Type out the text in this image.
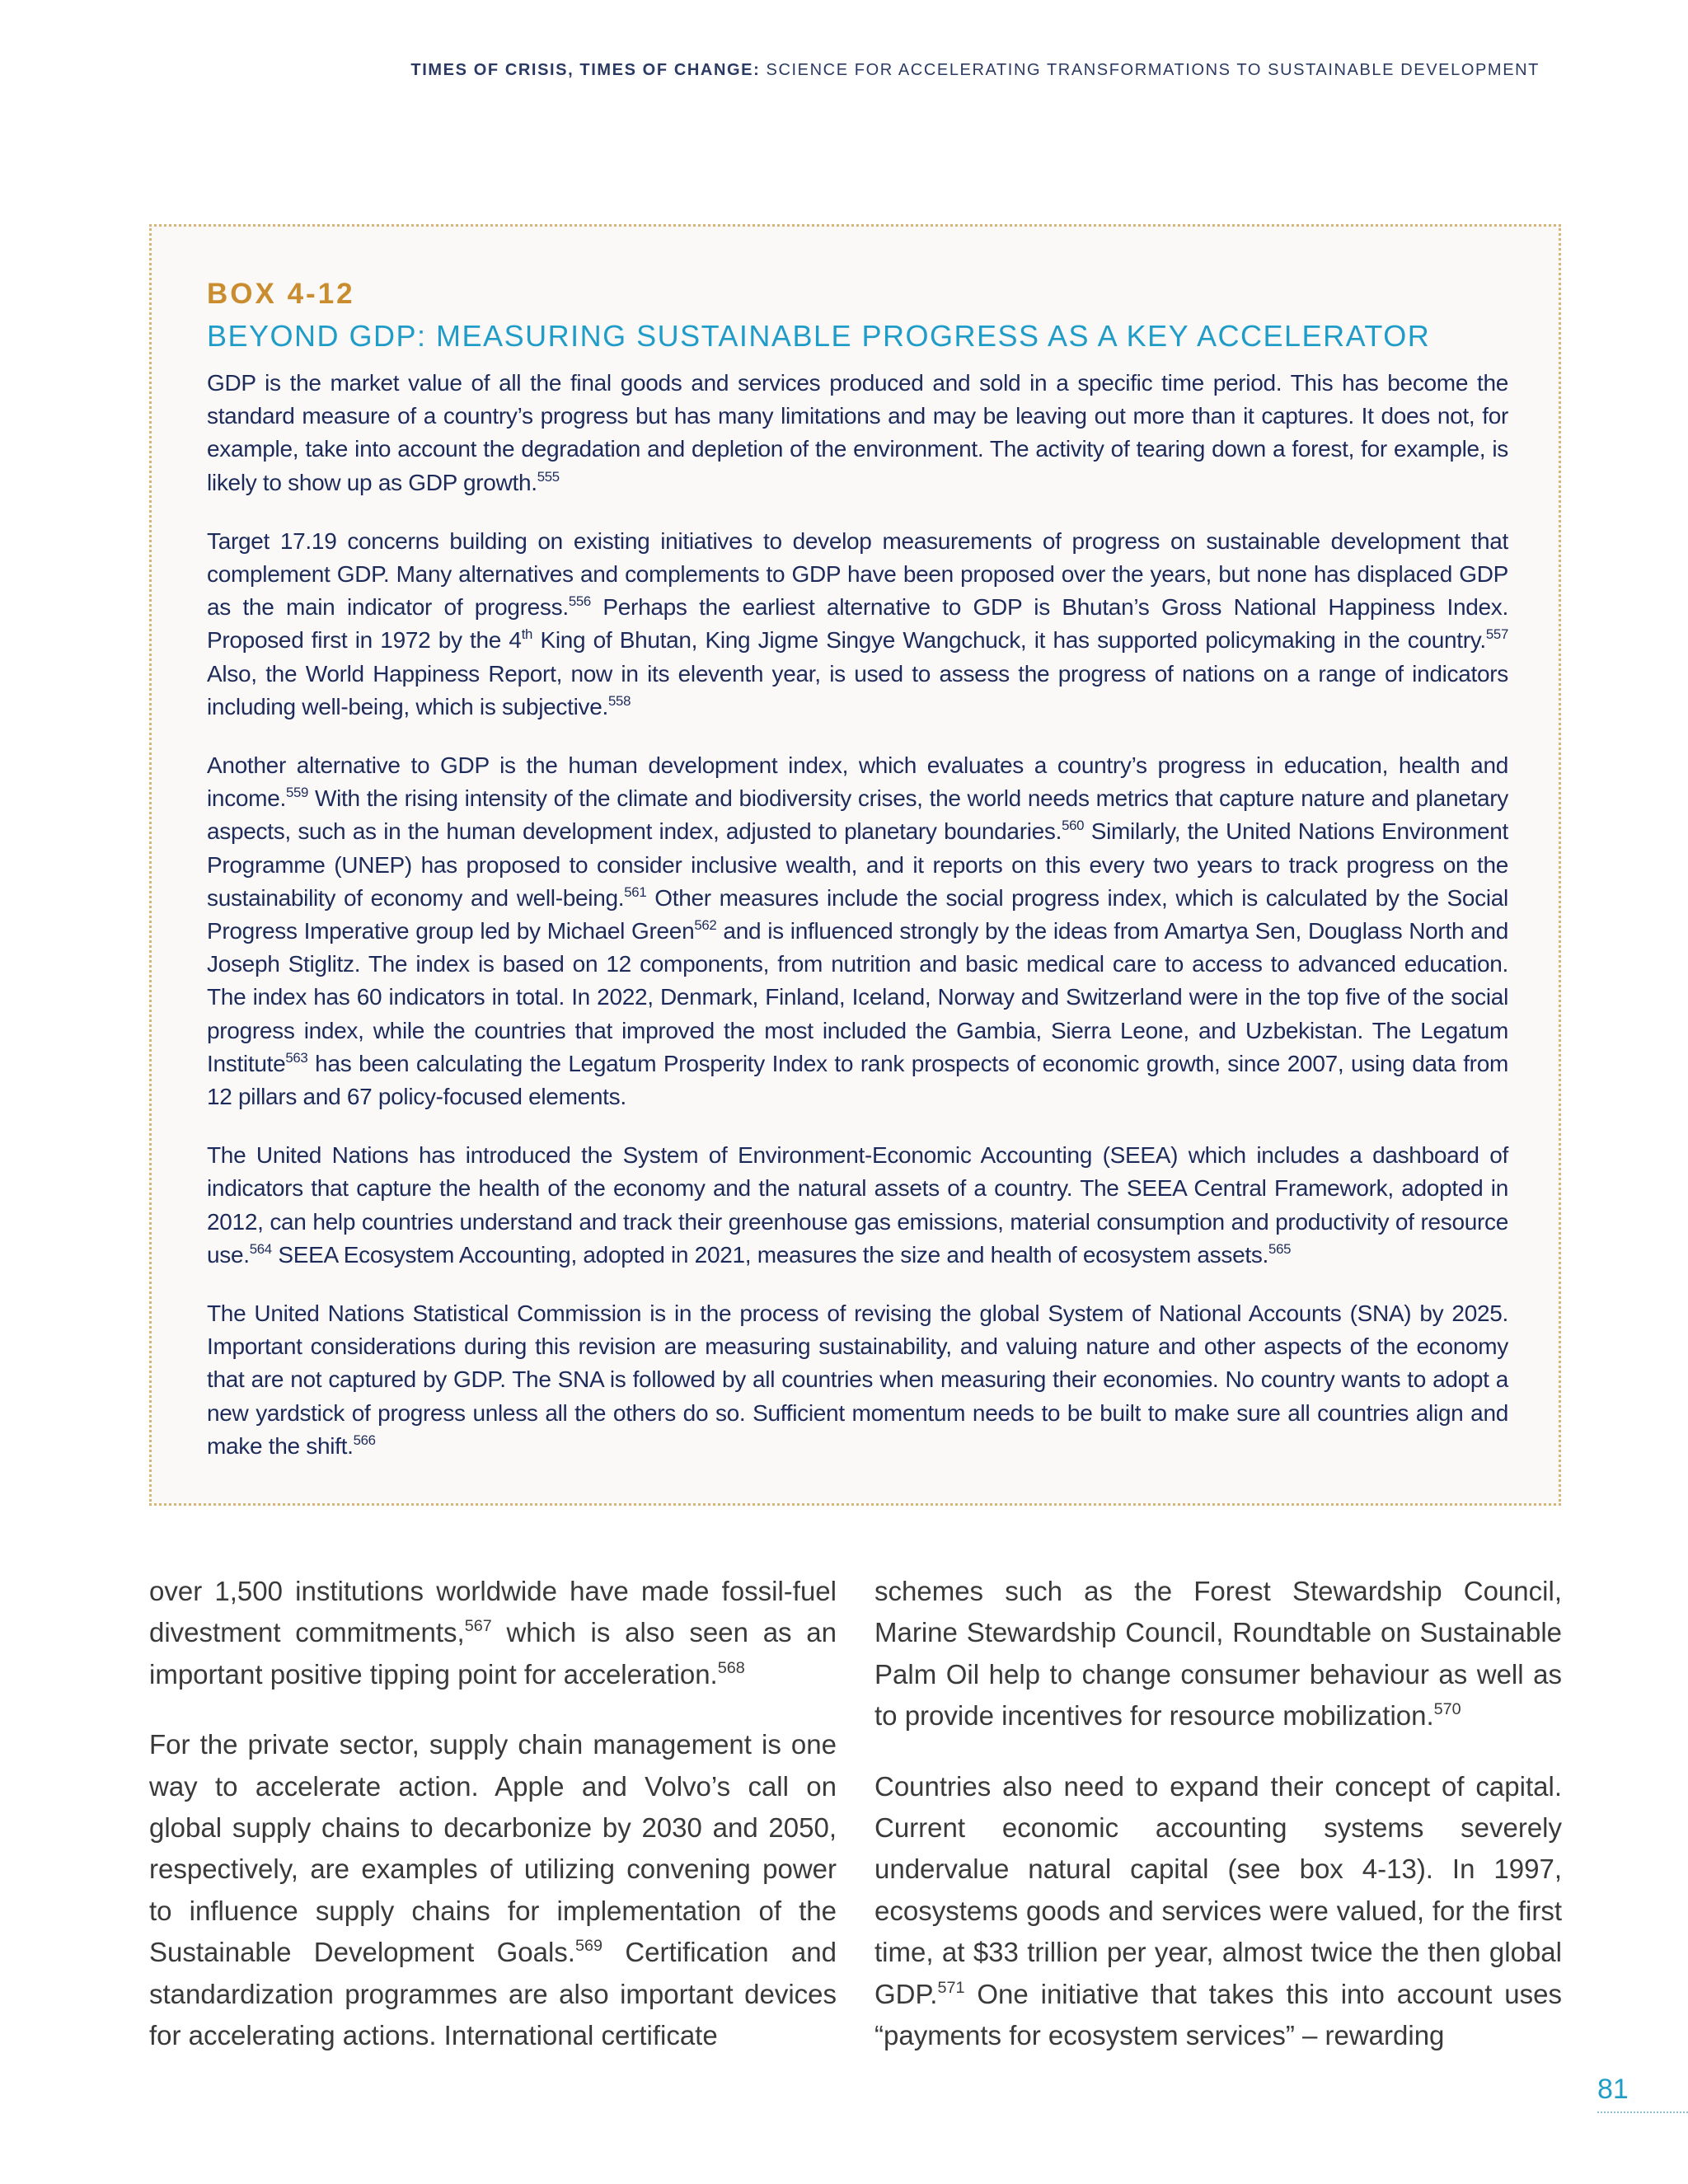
TIMES OF CRISIS, TIMES OF CHANGE: SCIENCE FOR ACCELERATING TRANSFORMATIONS TO SUSTAINABLE DEVELOPMENT
BOX 4-12
BEYOND GDP: MEASURING SUSTAINABLE PROGRESS AS A KEY ACCELERATOR

GDP is the market value of all the final goods and services produced and sold in a specific time period. This has become the standard measure of a country’s progress but has many limitations and may be leaving out more than it captures. It does not, for example, take into account the degradation and depletion of the environment. The activity of tearing down a forest, for example, is likely to show up as GDP growth.$^{555}$

Target 17.19 concerns building on existing initiatives to develop measurements of progress on sustainable development that complement GDP. Many alternatives and complements to GDP have been proposed over the years, but none has displaced GDP as the main indicator of progress.$^{556}$ Perhaps the earliest alternative to GDP is Bhutan’s Gross National Happiness Index. Proposed first in 1972 by the 4th King of Bhutan, King Jigme Singye Wangchuck, it has supported policymaking in the country.$^{557}$ Also, the World Happiness Report, now in its eleventh year, is used to assess the progress of nations on a range of indicators including well-being, which is subjective.$^{558}$

Another alternative to GDP is the human development index, which evaluates a country’s progress in education, health and income.$^{559}$ With the rising intensity of the climate and biodiversity crises, the world needs metrics that capture nature and planetary aspects, such as in the human development index, adjusted to planetary boundaries.$^{560}$ Similarly, the United Nations Environment Programme (UNEP) has proposed to consider inclusive wealth, and it reports on this every two years to track progress on the sustainability of economy and well-being.$^{561}$ Other measures include the social progress index, which is calculated by the Social Progress Imperative group led by Michael Green$^{562}$ and is influenced strongly by the ideas from Amartya Sen, Douglass North and Joseph Stiglitz. The index is based on 12 components, from nutrition and basic medical care to access to advanced education. The index has 60 indicators in total. In 2022, Denmark, Finland, Iceland, Norway and Switzerland were in the top five of the social progress index, while the countries that improved the most included the Gambia, Sierra Leone, and Uzbekistan. The Legatum Institute$^{563}$ has been calculating the Legatum Prosperity Index to rank prospects of economic growth, since 2007, using data from 12 pillars and 67 policy-focused elements.

The United Nations has introduced the System of Environment-Economic Accounting (SEEA) which includes a dashboard of indicators that capture the health of the economy and the natural assets of a country. The SEEA Central Framework, adopted in 2012, can help countries understand and track their greenhouse gas emissions, material consumption and productivity of resource use.$^{564}$ SEEA Ecosystem Accounting, adopted in 2021, measures the size and health of ecosystem assets.$^{565}$

The United Nations Statistical Commission is in the process of revising the global System of National Accounts (SNA) by 2025. Important considerations during this revision are measuring sustainability, and valuing nature and other aspects of the economy that are not captured by GDP. The SNA is followed by all countries when measuring their economies. No country wants to adopt a new yardstick of progress unless all the others do so. Sufficient momentum needs to be built to make sure all countries align and make the shift.$^{566}$

over 1,500 institutions worldwide have made fossil-fuel divestment commitments,$^{567}$ which is also seen as an important positive tipping point for acceleration.$^{568}$

For the private sector, supply chain management is one way to accelerate action. Apple and Volvo’s call on global supply chains to decarbonize by 2030 and 2050, respectively, are examples of utilizing convening power to influence supply chains for implementation of the Sustainable Development Goals.$^{569}$ Certification and standardization programmes are also important devices for accelerating actions. International certificate

schemes such as the Forest Stewardship Council, Marine Stewardship Council, Roundtable on Sustainable Palm Oil help to change consumer behaviour as well as to provide incentives for resource mobilization.$^{570}$

Countries also need to expand their concept of capital. Current economic accounting systems severely undervalue natural capital (see box 4-13). In 1997, ecosystems goods and services were valued, for the first time, at $33 trillion per year, almost twice the then global GDP.$^{571}$ One initiative that takes this into account uses “payments for ecosystem services” – rewarding

81
